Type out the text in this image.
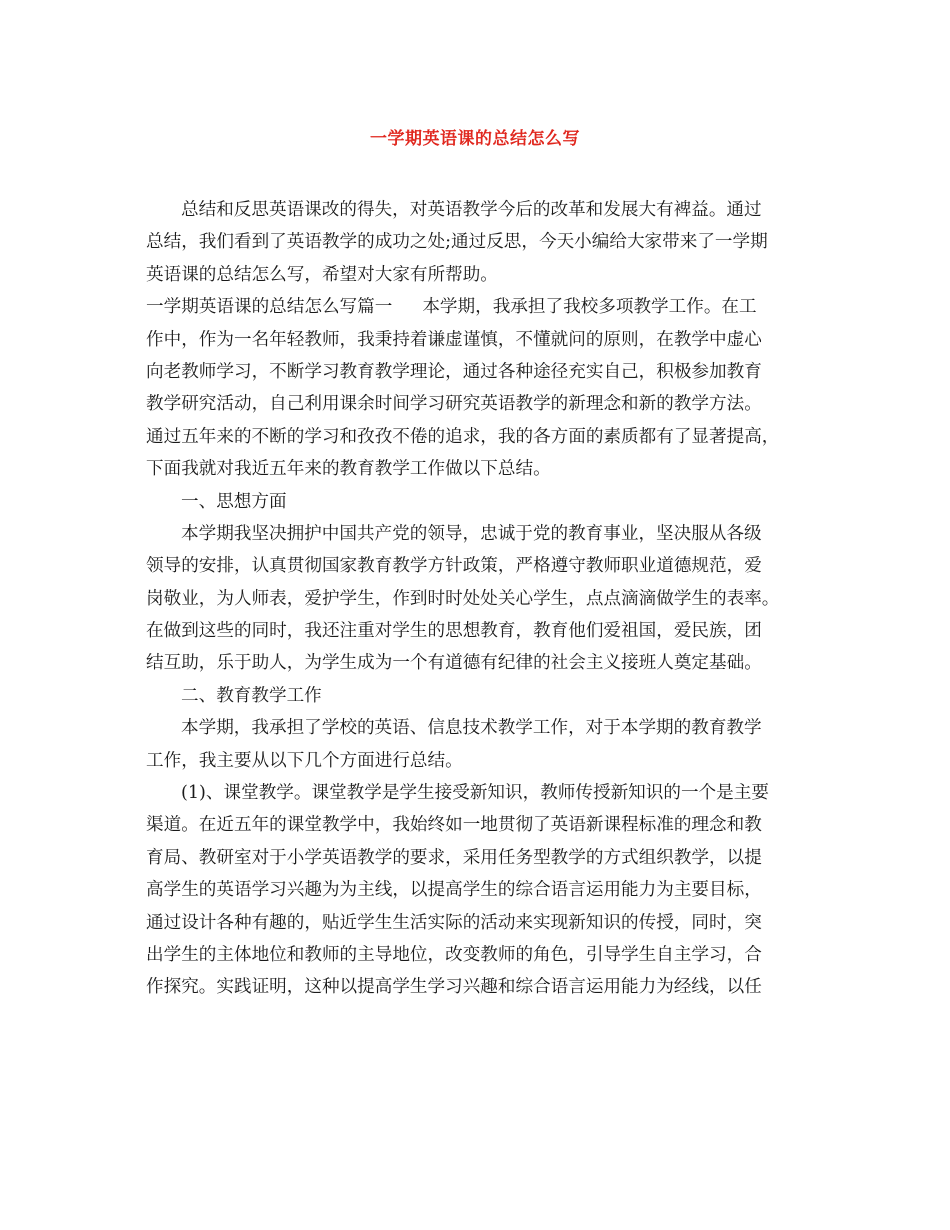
一学期英语课的总结怎么写
总结和反思英语课改的得失，对英语教学今后的改革和发展大有裨益。通过
总结，我们看到了英语教学的成功之处;通过反思，今天小编给大家带来了一学期
英语课的总结怎么写，希望对大家有所帮助。
一学期英语课的总结怎么写篇一 本学期，我承担了我校多项教学工作。在工
作中，作为一名年轻教师，我秉持着谦虚谨慎，不懂就问的原则，在教学中虚心
向老教师学习，不断学习教育教学理论，通过各种途径充实自己，积极参加教育
教学研究活动，自己利用课余时间学习研究英语教学的新理念和新的教学方法。
通过五年来的不断的学习和孜孜不倦的追求，我的各方面的素质都有了显著提高，
下面我就对我近五年来的教育教学工作做以下总结。
一、思想方面
本学期我坚决拥护中国共产党的领导，忠诚于党的教育事业，坚决服从各级
领导的安排，认真贯彻国家教育教学方针政策，严格遵守教师职业道德规范，爱
岗敬业，为人师表，爱护学生，作到时时处处关心学生，点点滴滴做学生的表率。
在做到这些的同时，我还注重对学生的思想教育，教育他们爱祖国，爱民族，团
结互助，乐于助人，为学生成为一个有道德有纪律的社会主义接班人奠定基础。
二、教育教学工作
本学期，我承担了学校的英语、信息技术教学工作，对于本学期的教育教学
工作，我主要从以下几个方面进行总结。
(1)、课堂教学。课堂教学是学生接受新知识，教师传授新知识的一个是主要
渠道。在近五年的课堂教学中，我始终如一地贯彻了英语新课程标准的理念和教
育局、教研室对于小学英语教学的要求，采用任务型教学的方式组织教学，以提
高学生的英语学习兴趣为为主线，以提高学生的综合语言运用能力为主要目标，
通过设计各种有趣的，贴近学生生活实际的活动来实现新知识的传授，同时，突
出学生的主体地位和教师的主导地位，改变教师的角色，引导学生自主学习，合
作探究。实践证明，这种以提高学生学习兴趣和综合语言运用能力为经线，以任
